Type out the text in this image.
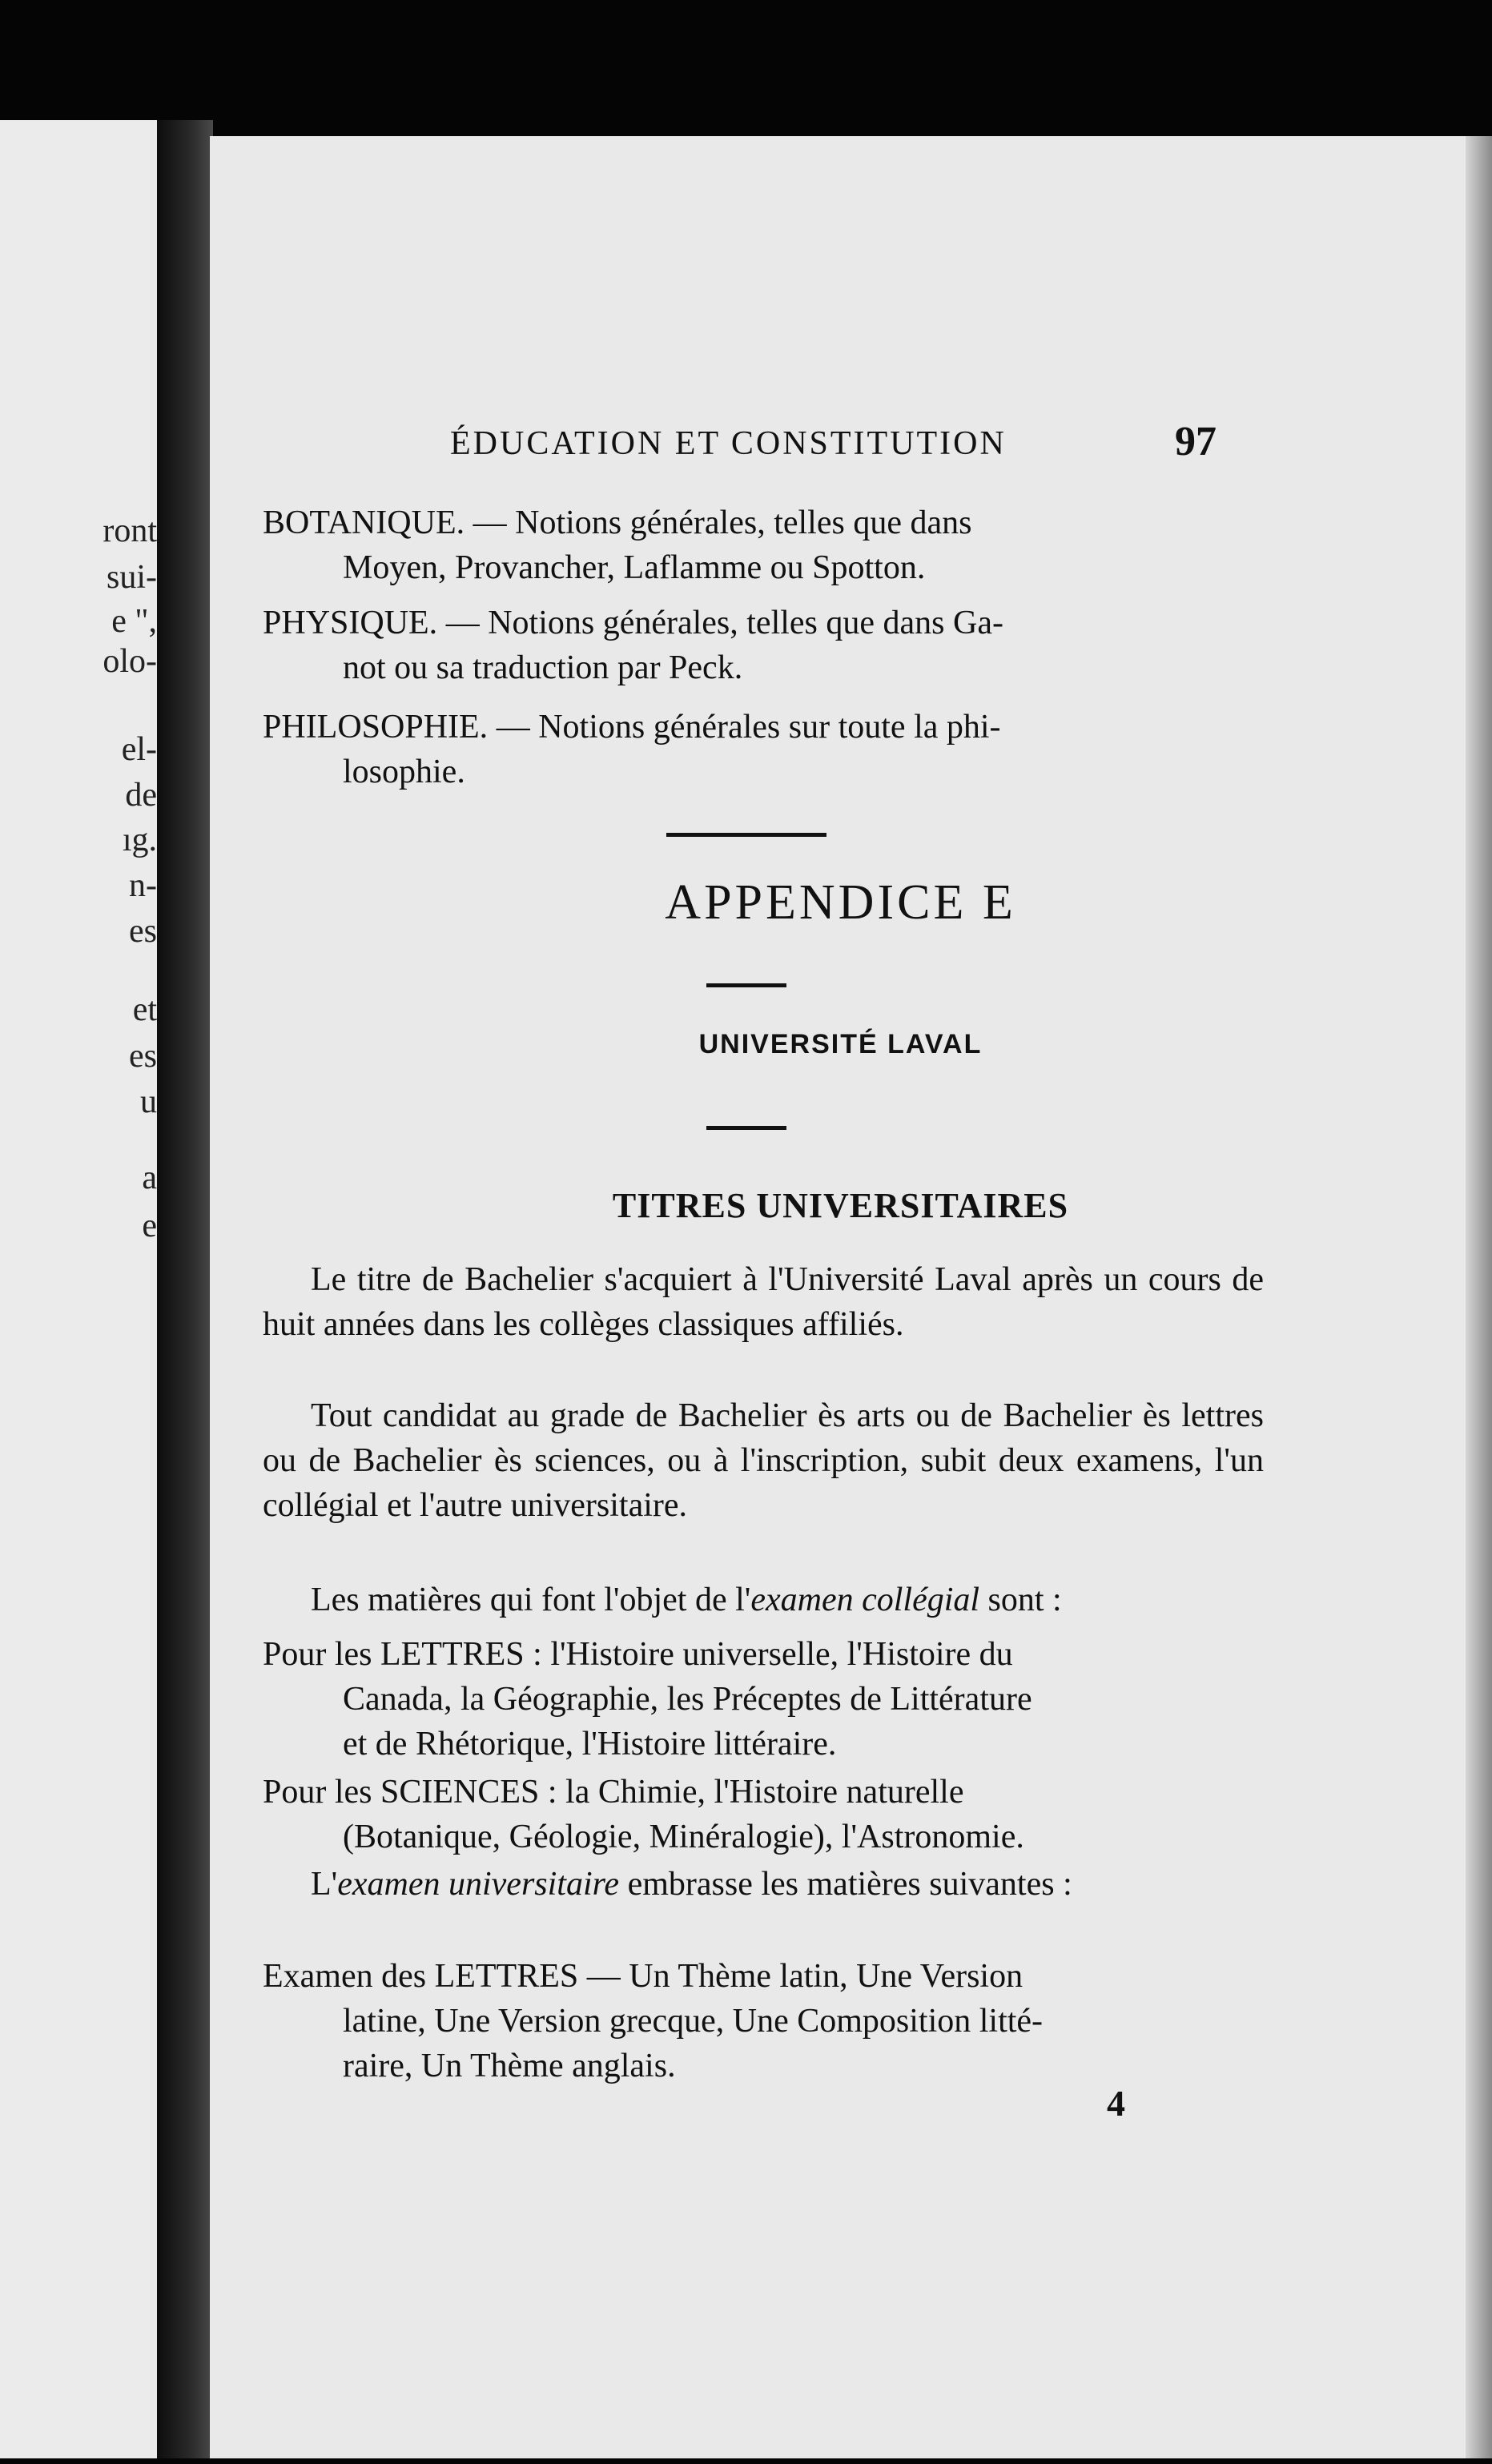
ront
sui-
e ",
olo-
el-
de
ıg.
n-
es
et
es
u
a
e
ÉDUCATION ET CONSTITUTION	97
BOTANIQUE. — Notions générales, telles que dans
Moyen, Provancher, Laflamme ou Spotton.
PHYSIQUE. — Notions générales, telles que dans Ga-
not ou sa traduction par Peck.
PHILOSOPHIE. — Notions générales sur toute la phi-
losophie.
APPENDICE E
UNIVERSITÉ LAVAL
TITRES UNIVERSITAIRES

Le titre de Bachelier s'acquiert à l'Université Laval après un cours de huit années dans les collèges classiques affiliés.

Tout candidat au grade de Bachelier ès arts ou de Bachelier ès lettres ou de Bachelier ès sciences, ou à l'inscription, subit deux examens, l'un collégial et l'autre universitaire.

Les matières qui font l'objet de l'examen collégial sont :

Pour les LETTRES : l'Histoire universelle, l'Histoire du
Canada, la Géographie, les Préceptes de Littérature
et de Rhétorique, l'Histoire littéraire.
Pour les SCIENCES : la Chimie, l'Histoire naturelle
(Botanique, Géologie, Minéralogie), l'Astronomie.

L'examen universitaire embrasse les matières suivantes :

Examen des LETTRES — Un Thème latin, Une Version
latine, Une Version grecque, Une Composition litté-
raire, Un Thème anglais.
4
